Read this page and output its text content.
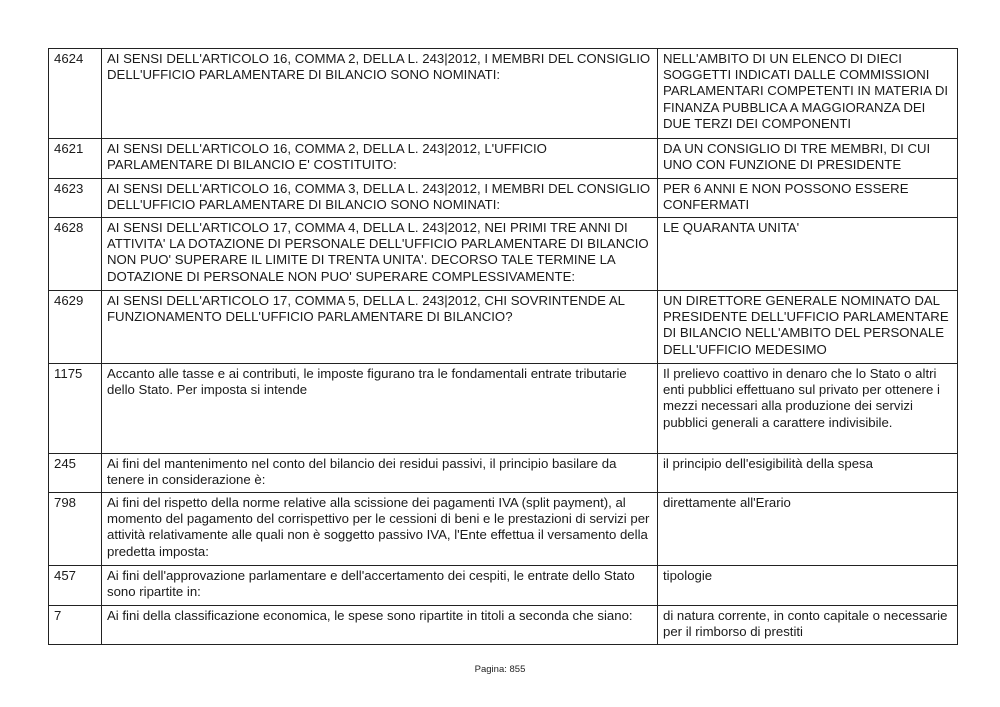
4624	AI SENSI DELL'ARTICOLO 16, COMMA 2, DELLA L. 243|2012, I MEMBRI DEL CONSIGLIO DELL'UFFICIO PARLAMENTARE DI BILANCIO SONO NOMINATI:	NELL'AMBITO DI UN ELENCO DI DIECI SOGGETTI INDICATI DALLE COMMISSIONI PARLAMENTARI COMPETENTI IN MATERIA DI FINANZA PUBBLICA A MAGGIORANZA DEI DUE TERZI DEI COMPONENTI
4621	AI SENSI DELL'ARTICOLO 16, COMMA 2, DELLA L. 243|2012, L'UFFICIO PARLAMENTARE DI BILANCIO E' COSTITUITO:	DA UN CONSIGLIO DI TRE MEMBRI, DI CUI UNO CON FUNZIONE DI PRESIDENTE
4623	AI SENSI DELL'ARTICOLO 16, COMMA 3, DELLA L. 243|2012, I MEMBRI DEL CONSIGLIO DELL'UFFICIO PARLAMENTARE DI BILANCIO SONO NOMINATI:	PER 6 ANNI E NON POSSONO ESSERE CONFERMATI
4628	AI SENSI DELL'ARTICOLO 17, COMMA 4, DELLA L. 243|2012, NEI PRIMI TRE ANNI DI ATTIVITA' LA DOTAZIONE DI PERSONALE DELL'UFFICIO PARLAMENTARE DI BILANCIO NON PUO' SUPERARE IL LIMITE DI TRENTA UNITA'. DECORSO TALE TERMINE LA DOTAZIONE DI PERSONALE NON PUO' SUPERARE COMPLESSIVAMENTE:	LE QUARANTA UNITA'
4629	AI SENSI DELL'ARTICOLO 17, COMMA 5, DELLA L. 243|2012, CHI SOVRINTENDE AL FUNZIONAMENTO DELL'UFFICIO PARLAMENTARE DI BILANCIO?	UN DIRETTORE GENERALE NOMINATO DAL PRESIDENTE DELL'UFFICIO PARLAMENTARE DI BILANCIO NELL'AMBITO DEL PERSONALE DELL'UFFICIO MEDESIMO
1175	Accanto alle tasse e ai contributi, le imposte figurano tra le fondamentali entrate tributarie dello Stato. Per imposta si intende	Il prelievo coattivo in denaro che lo Stato o altri enti pubblici effettuano sul privato per ottenere i mezzi necessari alla produzione dei servizi pubblici generali a carattere indivisibile.
245	Ai fini del mantenimento nel conto del bilancio dei residui passivi, il principio basilare da tenere in considerazione è:	il principio dell'esigibilità della spesa
798	Ai fini del rispetto della norme relative alla scissione dei pagamenti IVA (split payment), al momento del pagamento del corrispettivo per le cessioni di beni e le prestazioni di servizi per attività relativamente alle quali non è soggetto passivo IVA, l'Ente effettua il versamento della predetta imposta:	direttamente all'Erario
457	Ai fini dell'approvazione parlamentare e dell'accertamento dei cespiti, le entrate dello Stato sono ripartite in:	tipologie
7	Ai fini della classificazione economica, le spese sono ripartite in titoli a seconda che siano:	di natura corrente, in conto capitale o necessarie per il rimborso di prestiti
Pagina: 855
